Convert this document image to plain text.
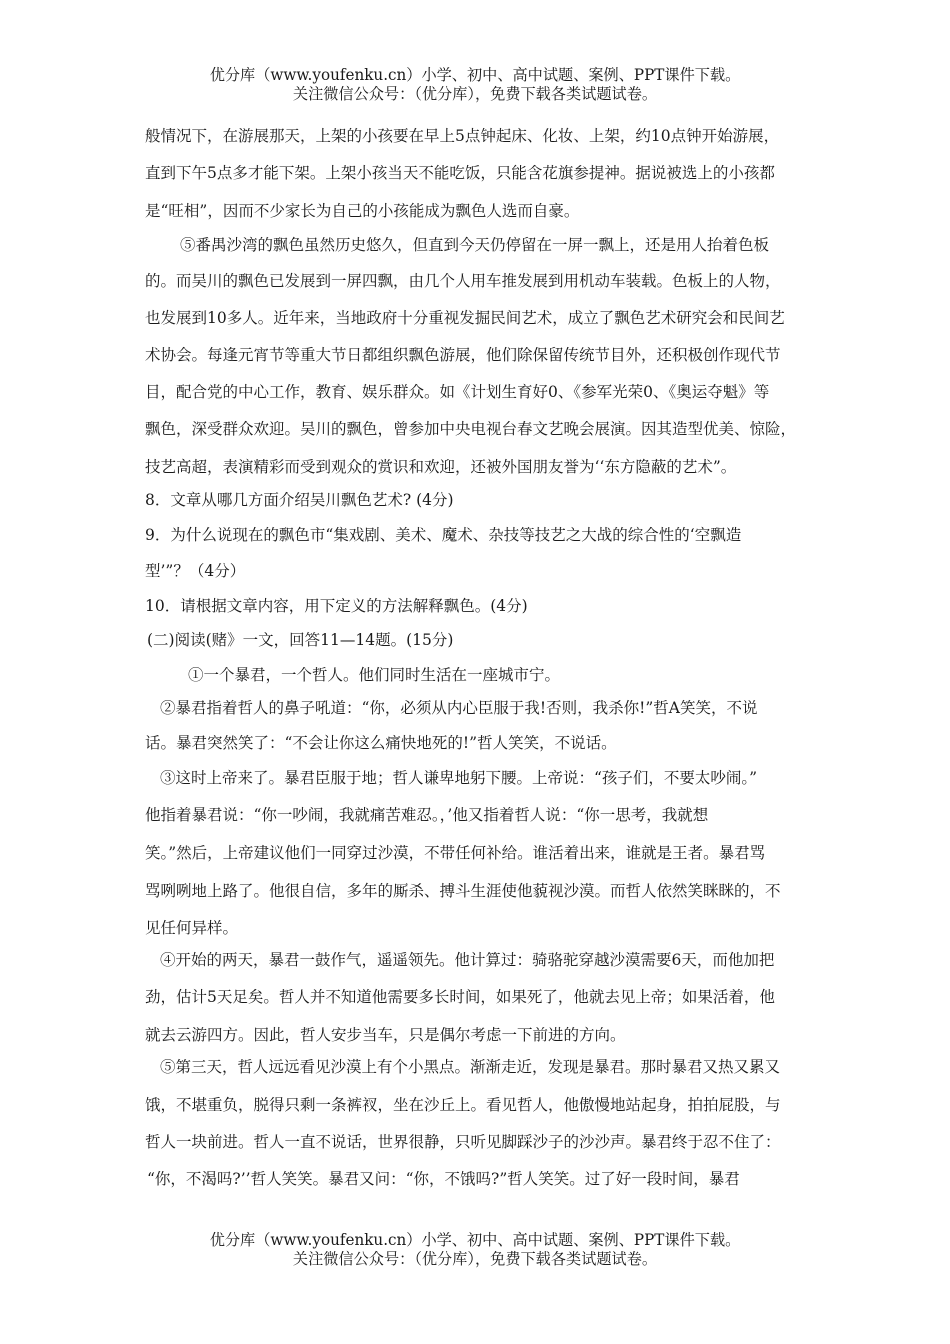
优分库（www.youfenku.cn）小学、初中、高中试题、案例、PPT课件下载。
关注微信公众号：（优分库），免费下载各类试题试卷。
般情况下，在游展那天，上架的小孩要在早上5点钟起床、化妆、上架，约10点钟开始游展，
直到下午5点多才能下架。上架小孩当天不能吃饭，只能含花旗参提神。据说被选上的小孩都
是“旺相”，因而不少家长为自己的小孩能成为飘色人选而自豪。
⑤番禺沙湾的飘色虽然历史悠久，但直到今天仍停留在一屏一飘上，还是用人抬着色板
的。而吴川的飘色已发展到一屏四飘，由几个人用车推发展到用机动车装载。色板上的人物，
也发展到10多人。近年来，当地政府十分重视发掘民间艺术，成立了飘色艺术研究会和民间艺
术协会。每逢元宵节等重大节日都组织飘色游展，他们除保留传统节目外，还积极创作现代节
目，配合党的中心工作，教育、娱乐群众。如《计划生育好0、《参军光荣0、《奥运夺魁》等
飘色，深受群众欢迎。吴川的飘色，曾参加中央电视台春文艺晚会展演。因其造型优美、惊险，
技艺高超，表演精彩而受到观众的赏识和欢迎，还被外国朋友誉为‘‘东方隐蔽的艺术”。
8．文章从哪几方面介绍吴川飘色艺术? (4分)
9．为什么说现在的飘色市“集戏剧、美术、魔术、杂技等技艺之大战的综合性的‘空飘造
型’”？（4分）
10．请根据文章内容，用下定义的方法解释飘色。(4分)
(二)阅读(赌》一文，回答11—14题。(15分)
①一个暴君，一个哲人。他们同时生活在一座城市宁。
②暴君指着哲人的鼻子吼道：“你，必须从内心臣服于我!否则，我杀你!”哲A笑笑，不说
话。暴君突然笑了：“不会让你这么痛快地死的!”哲人笑笑，不说话。
③这时上帝来了。暴君臣服于地；哲人谦卑地躬下腰。上帝说：“孩子们，不要太吵闹。”
他指着暴君说：“你一吵闹，我就痛苦难忍。，’他又指着哲人说：“你一思考，我就想
笑。”然后，上帝建议他们一同穿过沙漠，不带任何补给。谁活着出来，谁就是王者。暴君骂
骂咧咧地上路了。他很自信，多年的厮杀、搏斗生涯使他藐视沙漠。而哲人依然笑眯眯的，不
见任何异样。
④开始的两天，暴君一鼓作气，遥遥领先。他计算过：骑骆驼穿越沙漠需要6天，而他加把
劲，估计5天足矣。哲人并不知道他需要多长时间，如果死了，他就去见上帝；如果活着，他
就去云游四方。因此，哲人安步当车，只是偶尔考虑一下前进的方向。
⑤第三天，哲人远远看见沙漠上有个小黑点。渐渐走近，发现是暴君。那时暴君又热又累又
饿，不堪重负，脱得只剩一条裤衩，坐在沙丘上。看见哲人，他傲慢地站起身，拍拍屁股，与
哲人一块前进。哲人一直不说话，世界很静，只听见脚踩沙子的沙沙声。暴君终于忍不住了：
“你，不渴吗?’’哲人笑笑。暴君又问：“你，不饿吗?”哲人笑笑。过了好一段时间，暴君
优分库（www.youfenku.cn）小学、初中、高中试题、案例、PPT课件下载。
关注微信公众号：（优分库），免费下载各类试题试卷。
